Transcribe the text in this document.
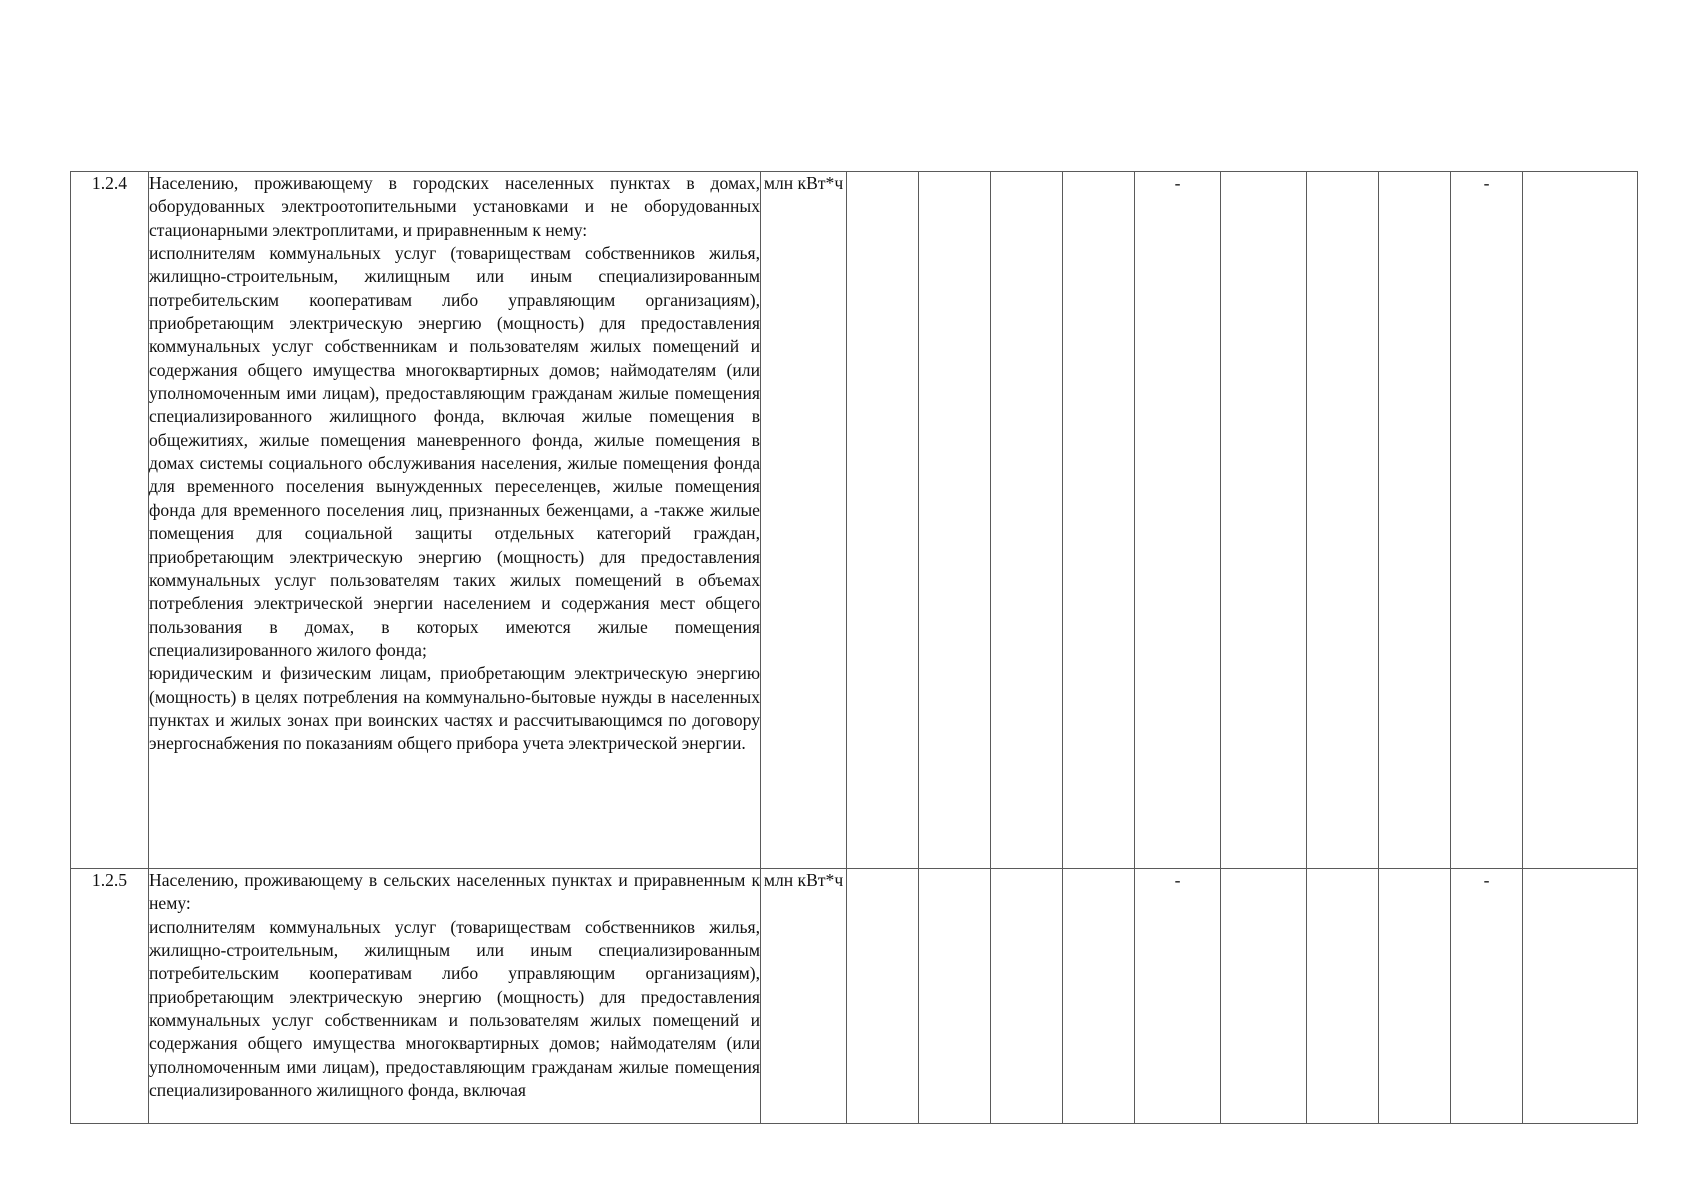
1.2.4	Населению, проживающему в городских населенных пунктах в домах, оборудованных электроотопительными установками и не оборудованных стационарными электроплитами, и приравненным к нему:

исполнителям коммунальных услуг (товариществам собственников жилья, жилищно-строительным, жилищным или иным специализированным потребительским кооперативам либо управляющим организациям), приобретающим электрическую энергию (мощность) для предоставления коммунальных услуг собственникам и пользователям жилых помещений и содержания общего имущества многоквартирных домов; наймодателям (или уполномоченным ими лицам), предоставляющим гражданам жилые помещения специализированного жилищного фонда, включая жилые помещения в общежитиях, жилые помещения маневренного фонда, жилые помещения в домах системы социального обслуживания населения, жилые помещения фонда для временного поселения вынужденных переселенцев, жилые помещения фонда для временного поселения лиц, признанных беженцами, а -также жилые помещения для социальной защиты отдельных категорий граждан, приобретающим электрическую энергию (мощность) для предоставления коммунальных услуг пользователям таких жилых помещений в объемах потребления электрической энергии населением и содержания мест общего пользования в домах, в которых имеются жилые помещения специализированного жилого фонда;

юридическим и физическим лицам, приобретающим электрическую энергию (мощность) в целях потребления на коммунально-бытовые нужды в населенных пунктах и жилых зонах при воинских частях и рассчитывающимся по договору энергоснабжения по показаниям общего прибора учета электрической энергии.	млн кВт*ч					-				-	
1.2.5	Населению, проживающему в сельских населенных пунктах и приравненным к нему:

исполнителям коммунальных услуг (товариществам собственников жилья, жилищно-строительным, жилищным или иным специализированным потребительским кооперативам либо управляющим организациям), приобретающим электрическую энергию (мощность) для предоставления коммунальных услуг собственникам и пользователям жилых помещений и содержания общего имущества многоквартирных домов; наймодателям (или уполномоченным ими лицам), предоставляющим гражданам жилые помещения специализированного жилищного фонда, включая	млн кВт*ч					-				-	
